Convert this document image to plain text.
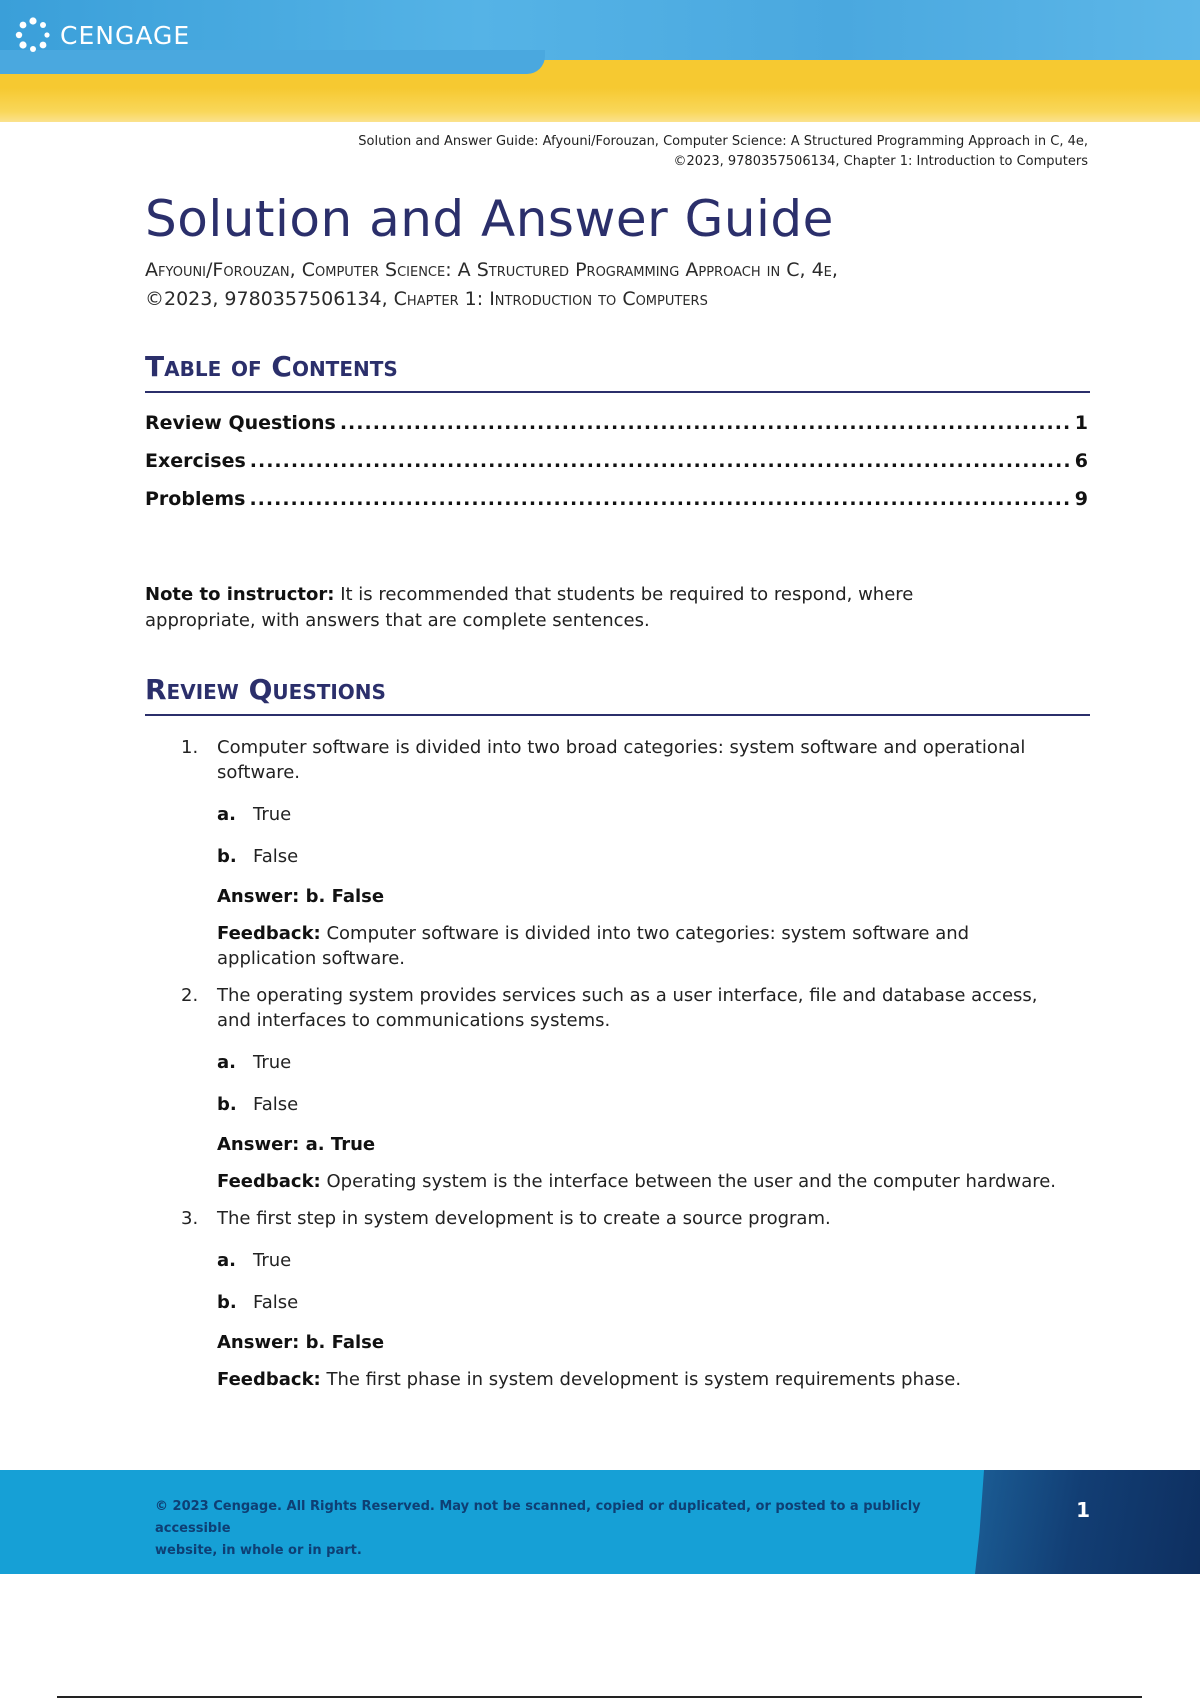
CENGAGE
Solution and Answer Guide: Afyouni/Forouzan, Computer Science: A Structured Programming Approach in C, 4e,
©2023, 9780357506134, Chapter 1: Introduction to Computers
Solution and Answer Guide
Afyouni/Forouzan, Computer Science: A Structured Programming Approach in C, 4e,
©2023, 9780357506134, Chapter 1: Introduction to Computers
Table of Contents
Review Questions .....	1
Exercises .....	6
Problems .....	9
Note to instructor: It is recommended that students be required to respond, where appropriate, with answers that are complete sentences.
Review Questions
1. Computer software is divided into two broad categories: system software and operational software.
a. True
b. False
Answer: b. False
Feedback: Computer software is divided into two categories: system software and application software.
2. The operating system provides services such as a user interface, file and database access, and interfaces to communications systems.
a. True
b. False
Answer: a. True
Feedback: Operating system is the interface between the user and the computer hardware.
3. The first step in system development is to create a source program.
a. True
b. False
Answer: b. False
Feedback: The first phase in system development is system requirements phase.
© 2023 Cengage. All Rights Reserved. May not be scanned, copied or duplicated, or posted to a publicly accessible
website, in whole or in part.
1
